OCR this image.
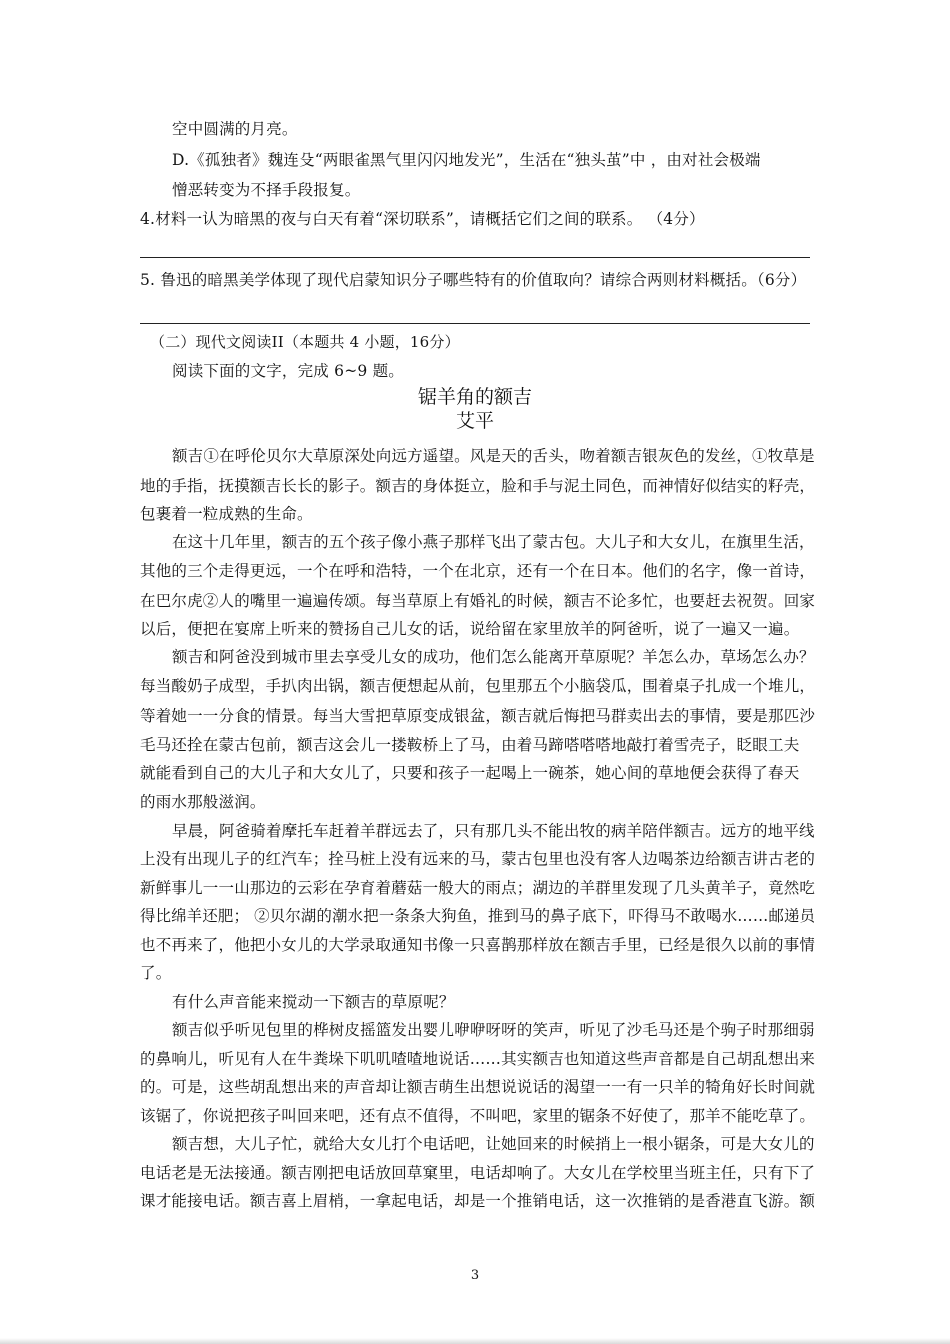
空中圆满的月亮。
D.《孤独者》魏连殳“两眼雀黑气里闪闪地发光”，生活在“独头茧”中 ，由对社会极端
憎恶转变为不择手段报复。
4.材料一认为暗黑的夜与白天有着“深切联系”，请概括它们之间的联系。 （4分）
5. 鲁迅的暗黑美学体现了现代启蒙知识分子哪些特有的价值取向？请综合两则材料概括。（6分）
（二）现代文阅读II（本题共 4 小题，16分）
阅读下面的文字，完成 6~9 题。
锯羊角的额吉
艾平
额吉①在呼伦贝尔大草原深处向远方遥望。风是天的舌头，吻着额吉银灰色的发丝，①牧草是
地的手指，抚摸额吉长长的影子。额吉的身体挺立，脸和手与泥土同色，而神情好似结实的籽壳，
包裹着一粒成熟的生命。
在这十几年里，额吉的五个孩子像小燕子那样飞出了蒙古包。大儿子和大女儿，在旗里生活，
其他的三个走得更远，一个在呼和浩特，一个在北京，还有一个在日本。他们的名字，像一首诗，
在巴尔虎②人的嘴里一遍遍传颂。每当草原上有婚礼的时候，额吉不论多忙，也要赶去祝贺。回家
以后，便把在宴席上听来的赞扬自己儿女的话，说给留在家里放羊的阿爸听，说了一遍又一遍。
额吉和阿爸没到城市里去享受儿女的成功，他们怎么能离开草原呢？羊怎么办，草场怎么办？
每当酸奶子成型，手扒肉出锅，额吉便想起从前，包里那五个小脑袋瓜，围着桌子扎成一个堆儿，
等着她一一分食的情景。每当大雪把草原变成银盆，额吉就后悔把马群卖出去的事情，要是那匹沙
毛马还拴在蒙古包前，额吉这会儿一搂鞍桥上了马，由着马蹄嗒嗒嗒地敲打着雪壳子，眨眼工夫
就能看到自己的大儿子和大女儿了，只要和孩子一起喝上一碗茶，她心间的草地便会获得了春天
的雨水那般滋润。
早晨，阿爸骑着摩托车赶着羊群远去了，只有那几头不能出牧的病羊陪伴额吉。远方的地平线
上没有出现儿子的红汽车；拴马桩上没有远来的马，蒙古包里也没有客人边喝茶边给额吉讲古老的
新鲜事儿一一山那边的云彩在孕育着蘑菇一般大的雨点；湖边的羊群里发现了几头黄羊子，竟然吃
得比绵羊还肥； ②贝尔湖的潮水把一条条大狗鱼，推到马的鼻子底下，吓得马不敢喝水……邮递员
也不再来了，他把小女儿的大学录取通知书像一只喜鹊那样放在额吉手里，已经是很久以前的事情
了。
有什么声音能来搅动一下额吉的草原呢？
额吉似乎听见包里的桦树皮摇篮发出婴儿咿咿呀呀的笑声，听见了沙毛马还是个驹子时那细弱
的鼻响儿，听见有人在牛粪垛下叽叽喳喳地说话……其实额吉也知道这些声音都是自己胡乱想出来
的。可是，这些胡乱想出来的声音却让额吉萌生出想说说话的渴望一一有一只羊的犄角好长时间就
该锯了，你说把孩子叫回来吧，还有点不值得，不叫吧，家里的锯条不好使了，那羊不能吃草了。
额吉想，大儿子忙，就给大女儿打个电话吧，让她回来的时候捎上一根小锯条，可是大女儿的
电话老是无法接通。额吉刚把电话放回草窠里，电话却响了。大女儿在学校里当班主任，只有下了
课才能接电话。额吉喜上眉梢，一拿起电话，却是一个推销电话，这一次推销的是香港直飞游。额
3
